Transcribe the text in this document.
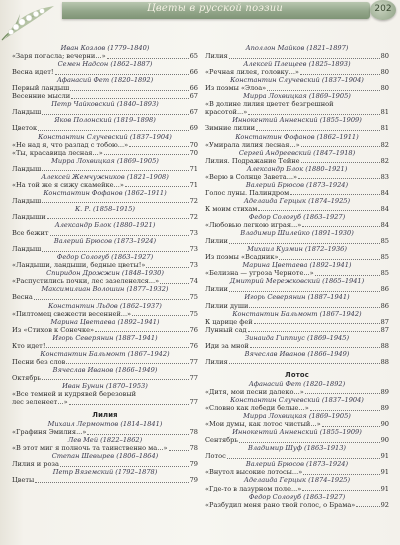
Цветы в русской поэзии	202
Иван Козлов (1779–1840)
«Заря погасла; вечерни...»	65
Семен Надсон (1862–1887)
Весна идет!	66
Афанасий Фет (1820–1892)
Первый ландыш	66
Весенние мысли	67
Петр Чайковский (1840–1893)
Ландыш	67
Яков Полонский (1819–1898)
Цветок	69
Константин Случевский (1837–1904)
«Не над я, что разлад с тобою...»	70
«Ты, красавица лесная...»	70
Мирра Лохвицкая (1869–1905)
Ландыш	71
Алексей Жемчужников (1821–1908)
«На той же я сижу скамейке...»	71
Константин Фофанов (1862–1911)
Ландыш	72
К. Р. (1858–1915)
Ландыши	72
Александр Блок (1880–1921)
Все бежит	73
Валерий Брюсов (1873–1924)
Ландыш	73
Федор Сологуб (1863–1927)
«Ландыши, ландыши, бедные цветы!»	73
Спиридон Дрожжин (1848–1930)
«Распустились почки, лес зазеленелся...»	74
Максимилиан Волошин (1877–1932)
Весна	75
Константин Льдов (1862–1937)
«Пилтомец свежести весенней...»	75
Марина Цветаева (1892–1941)
Из «Стихов к Сонечке»	76
Игорь Северянин (1887–1941)
Кто идет!	76
Константин Бальмонт (1867–1942)
Песни без слов	77
Вячеслав Иванов (1866–1949)
Октябрь	77
Иван Бунин (1870–1953)
«Все темней и кудрявей березовый
лес зеленеет...»	77
Лилия
Михаил Лермонтов (1814–1841)
«Графиня Эмилия...»	78
Лев Мей (1822–1862)
«В этот миг я полночь та таинственно ма...»	78
Степан Шевырев (1806–1864)
Лилия и роза	79
Петр Вяземский (1792–1878)
Цветы	79
Аполлон Майков (1821–1897)
Лилия	80
Алексей Плещеев (1825–1893)
«Речная лилея, головку...»	80
Константин Случевский (1837–1904)
Из поэмы «Элоа»	80
Мирра Лохвицкая (1869–1905)
«В долине лилия цветет безгрешной
красотой...»	81
Иннокентий Анненский (1855–1909)
Зимние лилии	81
Константин Фофанов (1862–1911)
«Умирала лилия лесная...»	82
Сергей Андреевский (1847–1918)
Лилия. Подражание Тейне	82
Александр Блок (1880–1921)
«Верю в Солнце Завета...»	83
Валерий Брюсов (1873–1924)
Голос луны. Палиндром	84
Аделаида Герцык (1874–1925)
К моим стихам	84
Федор Сологуб (1863–1927)
«Любовью легкою играя...»	84
Владимир Шилейко (1891–1930)
Лилии	85
Михаил Кузмин (1872–1936)
Из поэмы «Всадник»	85
Марина Цветаева (1892–1941)
«Белизна — угроза Черноте...»	85
Дмитрий Мережковский (1865–1941)
Лилии	86
Игорь Северянин (1887–1941)
Лилии души	86
Константин Бальмонт (1867–1942)
К царице фей	87
Лунный сад	87
Зинаида Гиппиус (1869–1945)
Иди за мной	88
Вячеслав Иванов (1866–1949)
Лилия	88
Лотос
Афанасий Фет (1820–1892)
«Дитя, мои песни далеко...»	89
Константин Случевский (1837–1904)
«Словно как лебеди белые...»	89
Мирра Лохвицкая (1869–1905)
«Мои думы, как лотос чистый...»	90
Иннокентий Анненский (1855–1909)
Сентябрь	90
Владимир Шуф (1863–1913)
Лотос	91
Валерий Брюсов (1873–1924)
«Внутол высокие лотосы...»	91
Аделаида Герцык (1874–1925)
«Где-то в лазурном поле...»	91
Федор Сологуб (1863–1927)
«Разбудил меня рано твой голос, о Брама»	92
